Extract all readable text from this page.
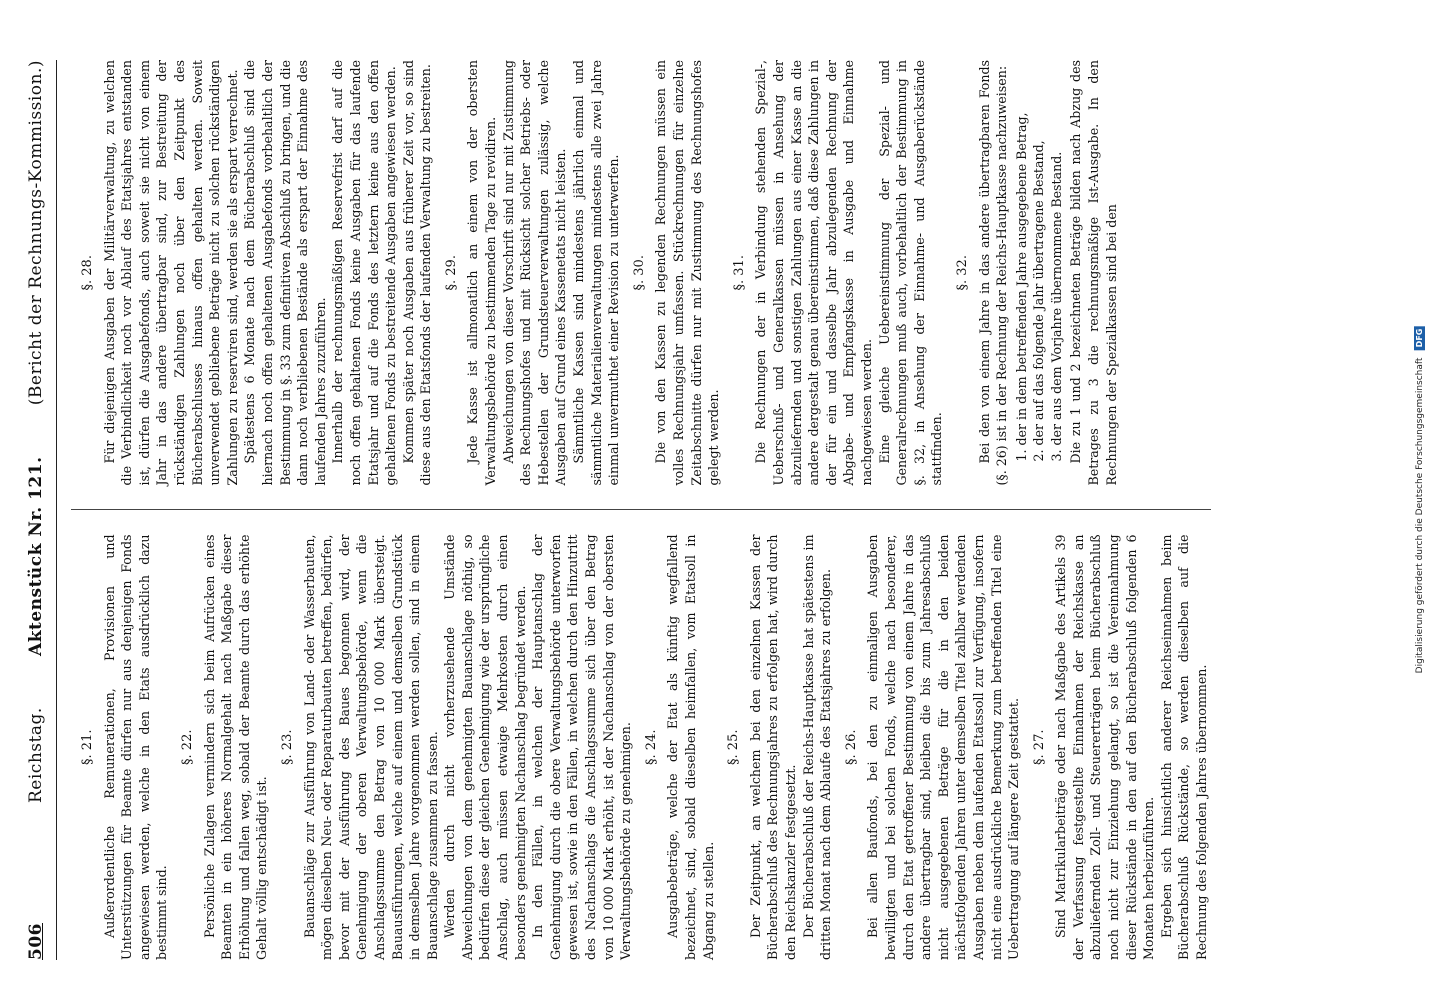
506
Reichstag.
Aktenstück Nr. 121.
(Bericht der Rechnungs-Kommission.)
§. 21. Außerordentliche Remunerationen, Provisionen und Unterstützungen für Beamte dürfen nur aus denjenigen Fonds angewiesen werden, welche in den Etats ausdrücklich dazu bestimmt sind.

§. 22. Persönliche Zulagen vermindern sich beim Aufrücken eines Beamten in ein höheres Normalgehalt nach Maßgabe dieser Erhöhung und fallen weg, sobald der Beamte durch das erhöhte Gehalt völlig entschädigt ist.

§. 23. Bauanschläge zur Ausführung von Land- oder Wasserbauten, mögen dieselben Neu- oder Reparaturbauten betreffen, bedürfen, bevor mit der Ausführung des Baues begonnen wird, der Genehmigung der oberen Verwaltungsbehörde, wenn die Anschlagssumme den Betrag von 10 000 Mark übersteigt. Bauausführungen, welche auf einem und demselben Grundstück in demselben Jahre vorgenommen werden sollen, sind in einem Bauanschlage zusammen zu fassen. Werden durch nicht vorherzusehende Umstände Abweichungen von dem genehmigten Bauanschlage nöthig, so bedürfen diese der gleichen Genehmigung wie der ursprüngliche Anschlag, auch müssen etwaige Mehrkosten durch einen besonders genehmigten Nachanschlag begründet werden. In den Fällen, in welchen der Hauptanschlag der Genehmigung durch die obere Verwaltungsbehörde unterworfen gewesen ist, sowie in den Fällen, in welchen durch den Hinzutritt des Nachanschlags die Anschlagssumme sich über den Betrag von 10 000 Mark erhöht, ist der Nachanschlag von der obersten Verwaltungsbehörde zu genehmigen. §. 24. Ausgabebeträge, welche der Etat als künftig wegfallend bezeichnet, sind, sobald dieselben heimfallen, vom Etatsoll in Abgang zu stellen.

§. 25. Der Zeitpunkt, an welchem bei den einzelnen Kassen der Bücherabschluß des Rechnungsjahres zu erfolgen hat, wird durch den Reichskanzler festgesetzt. Der Bücherabschluß der Reichs-Hauptkasse hat spätestens im dritten Monat nach dem Ablaufe des Etatsjahres zu erfolgen. §. 26. Bei allen Baufonds, bei den zu einmaligen Ausgaben bewilligten und bei solchen Fonds, welche nach besonderer, durch den Etat getroffener Bestimmung von einem Jahre in das andere übertragbar sind, bleiben die bis zum Jahresabschluß nicht ausgegebenen Beträge für die in den beiden nächstfolgenden Jahren unter demselben Titel zahlbar werdenden Ausgaben neben dem laufenden Etatssoll zur Verfügung, insofern nicht eine ausdrückliche Bemerkung zum betreffenden Titel eine Uebertragung auf längere Zeit gestattet. §. 27. Sind Matrikularbeiträge oder nach Maßgabe des Artikels 39 der Verfassung festgestellte Einnahmen der Reichskasse an abzuliefernden Zoll- und Steuererträgen beim Bücherabschluß noch nicht zur Einziehung gelangt, so ist die Vereinnahmung dieser Rückstände in den auf den Bücherabschluß folgenden 6 Monaten herbeizuführen. Ergeben sich hinsichtlich anderer Reichseinnahmen beim Bücherabschluß Rückstände, so werden dieselben auf die Rechnung des folgenden Jahres übernommen.

§. 28. Für diejenigen Ausgaben der Militärverwaltung, zu welchen die Verbindlichkeit noch vor Ablauf des Etatsjahres entstanden ist, dürfen die Ausgabefonds, auch soweit sie nicht von einem Jahr in das andere übertragbar sind, zur Bestreitung der rückständigen Zahlungen noch über den Zeitpunkt des Bücherabschlusses hinaus offen gehalten werden. Soweit unverwendet gebliebene Beträge nicht zu solchen rückständigen Zahlungen zu reserviren sind, werden sie als erspart verrechnet. Spätestens 6 Monate nach dem Bücherabschluß sind die hiernach noch offen gehaltenen Ausgabefonds vorbehaltlich der Bestimmung in §. 33 zum definitiven Abschluß zu bringen, und die dann noch verbliebenen Bestände als erspart der Einnahme des laufenden Jahres zuzuführen. Innerhalb der rechnungsmäßigen Reservefrist darf auf die noch offen gehaltenen Fonds keine Ausgaben für das laufende Etatsjahr und auf die Fonds des letztern keine aus den offen gehaltenen Fonds zu bestreitende Ausgaben angewiesen werden. Kommen später noch Ausgaben aus früherer Zeit vor, so sind diese aus den Etatsfonds der laufenden Verwaltung zu bestreiten. §. 29. Jede Kasse ist allmonatlich an einem von der obersten Verwaltungsbehörde zu bestimmenden Tage zu revidiren. Abweichungen von dieser Vorschrift sind nur mit Zustimmung des Rechnungshofes und mit Rücksicht solcher Betriebs- oder Hebestellen der Grundsteuerverwaltungen zulässig, welche Ausgaben auf Grund eines Kassenetats nicht leisten. Sämmtliche Kassen sind mindestens jährlich einmal und sämmtliche Materialienverwaltungen mindestens alle zwei Jahre einmal unvermuthet einer Revision zu unterwerfen. §. 30. Die von den Kassen zu legenden Rechnungen müssen ein volles Rechnungsjahr umfassen. Stückrechnungen für einzelne Zeitabschnitte dürfen nur mit Zustimmung des Rechnungshofes gelegt werden.

§. 31. Die Rechnungen der in Verbindung stehenden Spezial-, Ueberschuß- und Generalkassen müssen in Ansehung der abzuliefernden und sonstigen Zahlungen aus einer Kasse an die andere dergestalt genau übereinstimmen, daß diese Zahlungen in der für ein und dasselbe Jahr abzulegenden Rechnung der Abgabe- und Empfangskasse in Ausgabe und Einnahme nachgewiesen werden. Eine gleiche Uebereinstimmung der Spezial- und Generalrechnungen muß auch, vorbehaltlich der Bestimmung in §. 32, in Ansehung der Einnahme- und Ausgaberückstände stattfinden.

§. 32. Bei den von einem Jahre in das andere übertragbaren Fonds (§. 26) ist in der Rechnung der Reichs-Hauptkasse nachzuweisen: 1. der in dem betreffenden Jahre ausgegebene Betrag, 2. der auf das folgende Jahr übertragene Bestand, 3. der aus dem Vorjahre übernommene Bestand. Die zu 1 und 2 bezeichneten Beträge bilden nach Abzug des Betrages zu 3 die rechnungsmäßige Ist-Ausgabe. In den Rechnungen der Spezialkassen sind bei den

Digitalisierung gefördert durch die Deutsche Forschungsgemeinschaft DFG
